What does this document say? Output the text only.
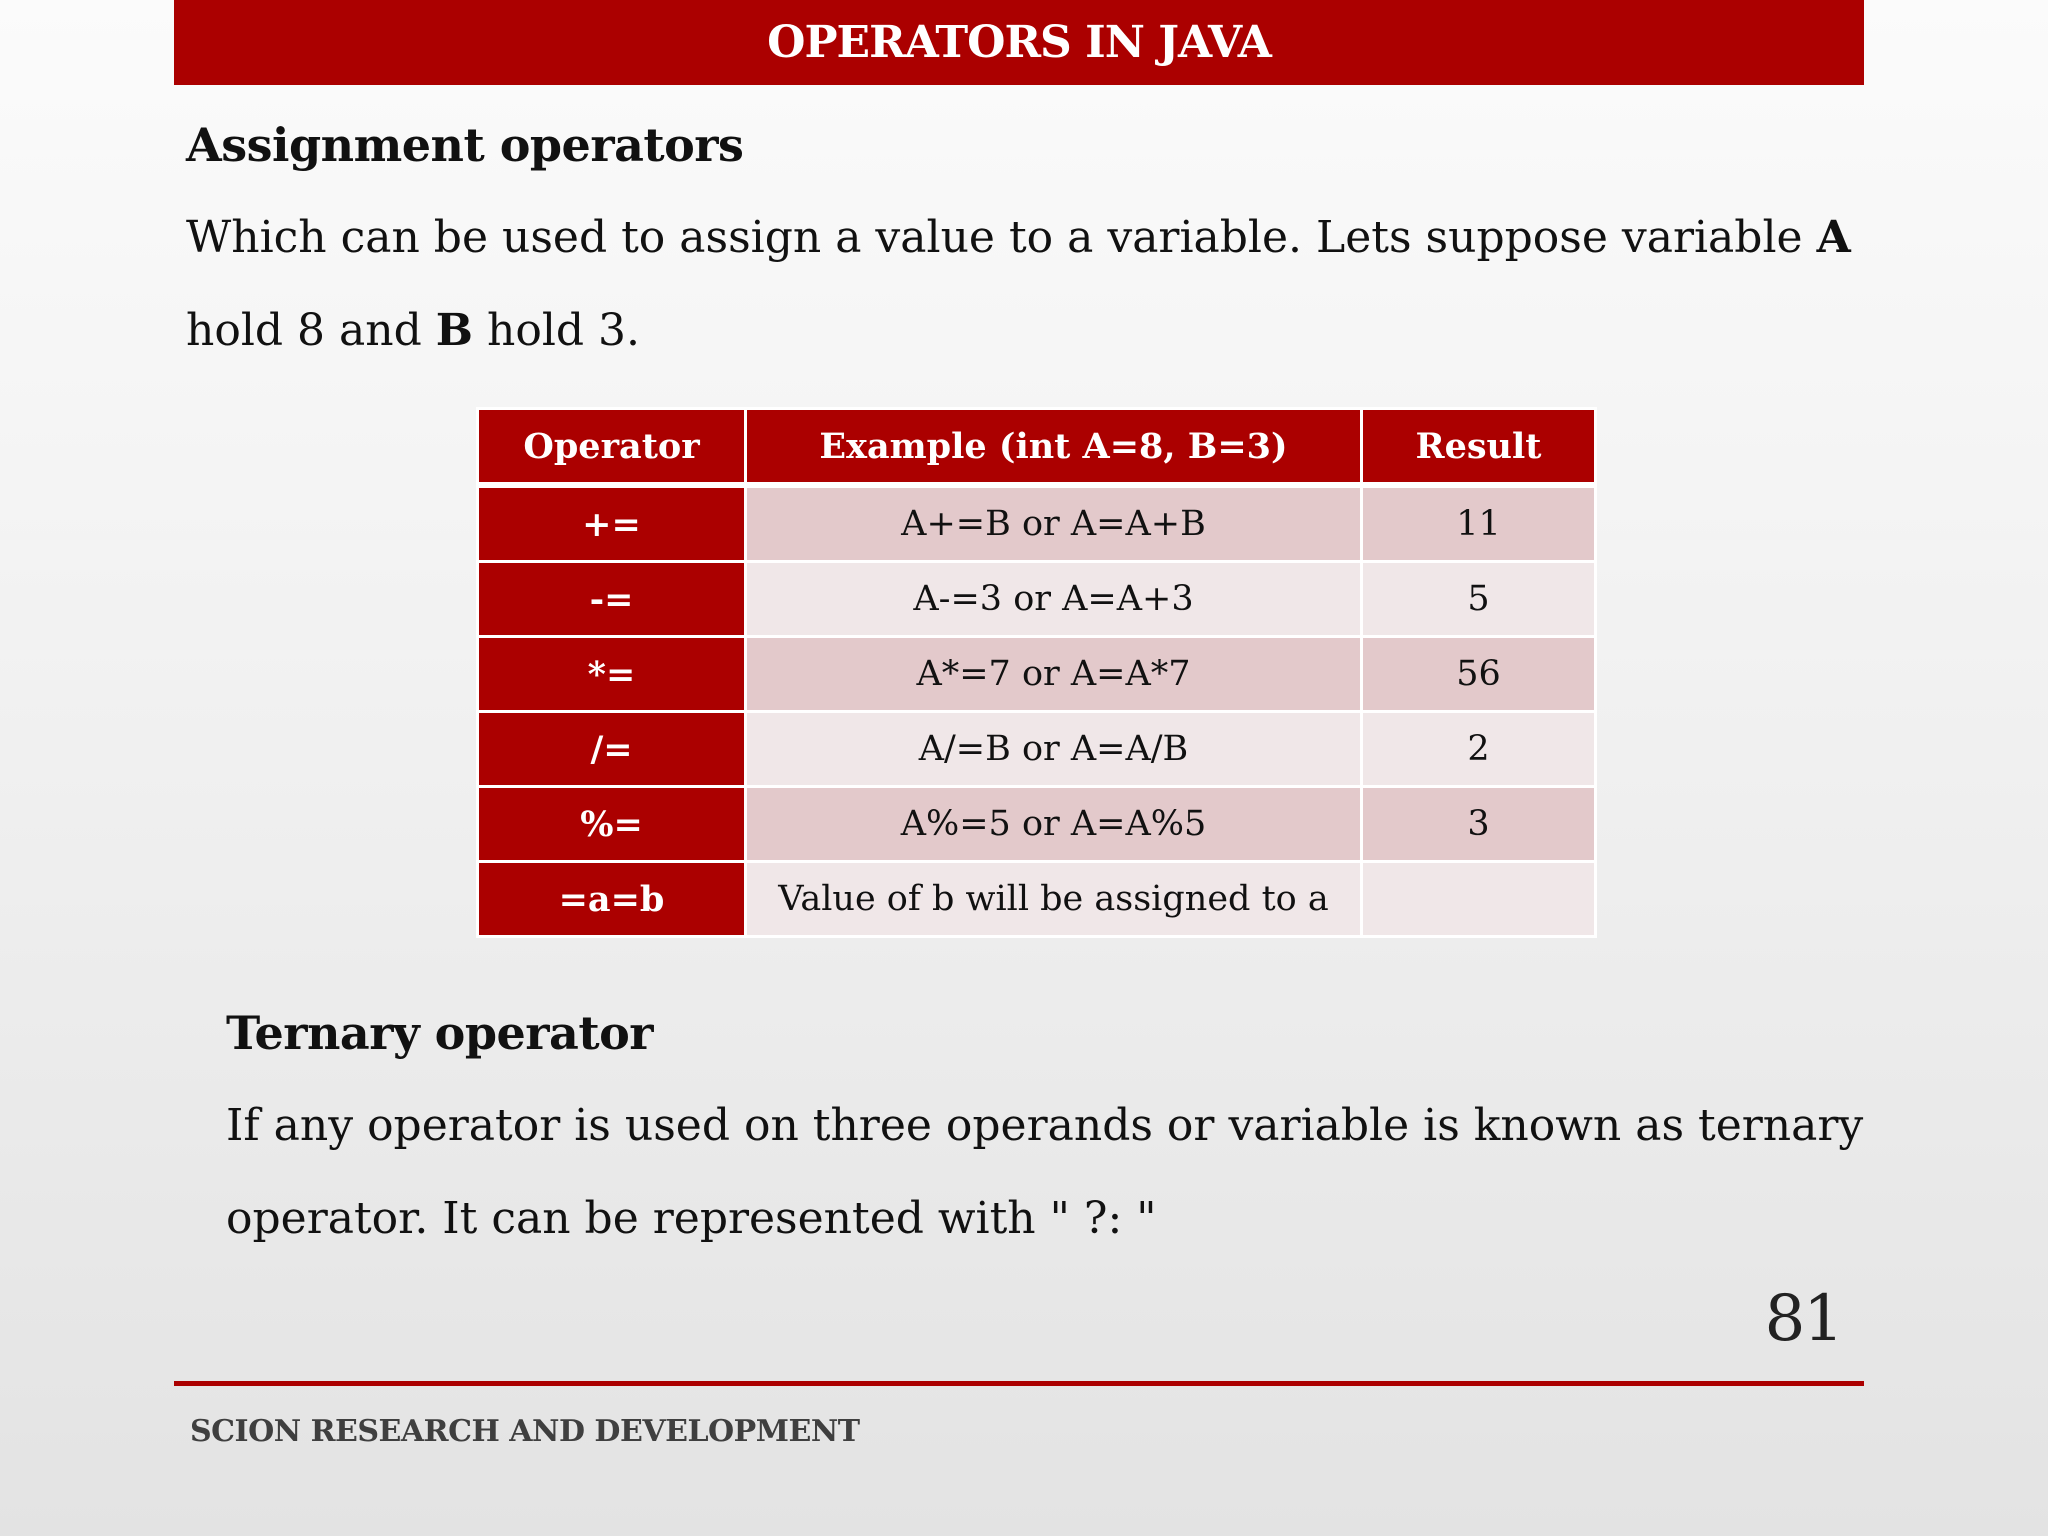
OPERATORS IN JAVA
Assignment operators
Which can be used to assign a value to a variable. Lets suppose variable A
hold 8 and B hold 3.
Operator	Example (int A=8, B=3)	Result
+=	A+=B or A=A+B	11
-=	A-=3 or A=A+3	5
*=	A*=7 or A=A*7	56
/=	A/=B or A=A/B	2
%=	A%=5 or A=A%5	3
=a=b	Value of b will be assigned to a	
Ternary operator
If any operator is used on three operands or variable is known as ternary
operator. It can be represented with " ?: "
81
SCION RESEARCH AND DEVELOPMENT
